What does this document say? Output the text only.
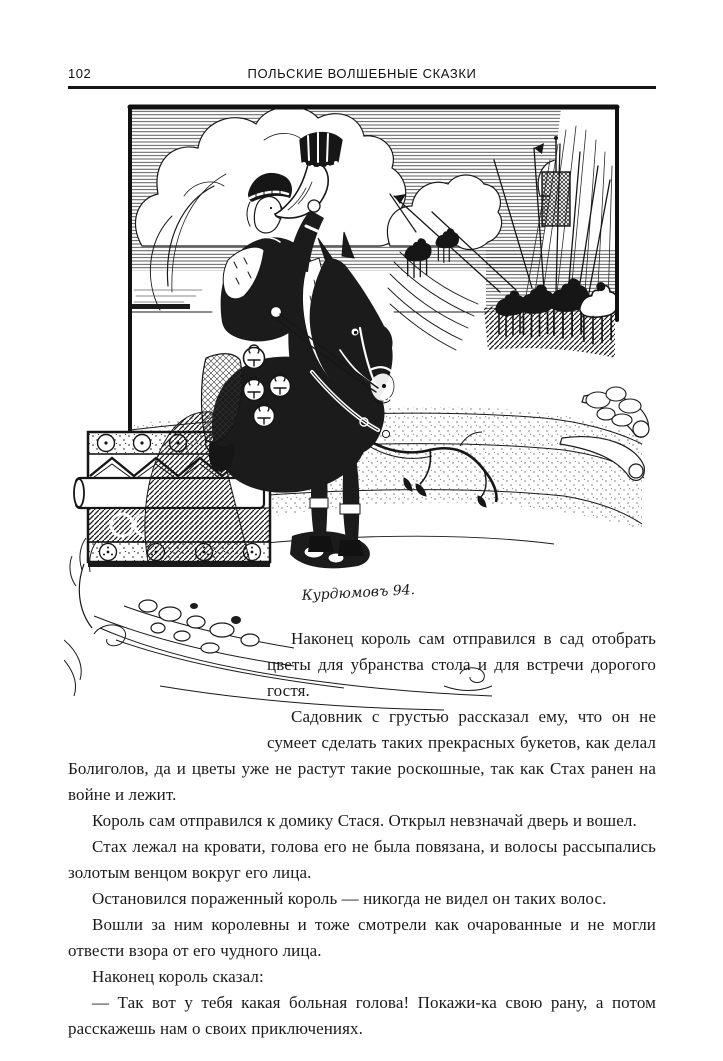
102	ПОЛЬСКИЕ ВОЛШЕБНЫЕ СКАЗКИ
Курдюмовъ 94.

Наконец король сам отправился в сад отобрать цветы для убранства стола и для встречи дорогого гостя.

Садовник с грустью рассказал ему, что он не сумеет сделать таких прекрасных букетов, как делал Болиголов, да и цветы уже не растут такие роскошные, так как Стах ранен на войне и лежит.

Король сам отправился к домику Стася. Открыл невзначай дверь и вошел.

Стах лежал на кровати, голова его не была повязана, и волосы рассыпались золотым венцом вокруг его лица.

Остановился пораженный король — никогда не видел он таких волос.

Вошли за ним королевны и тоже смотрели как очарованные и не могли отвести взора от его чудного лица.

Наконец король сказал:

— Так вот у тебя какая больная голова! Покажи-ка свою рану, а потом расскажешь нам о своих приключениях.
